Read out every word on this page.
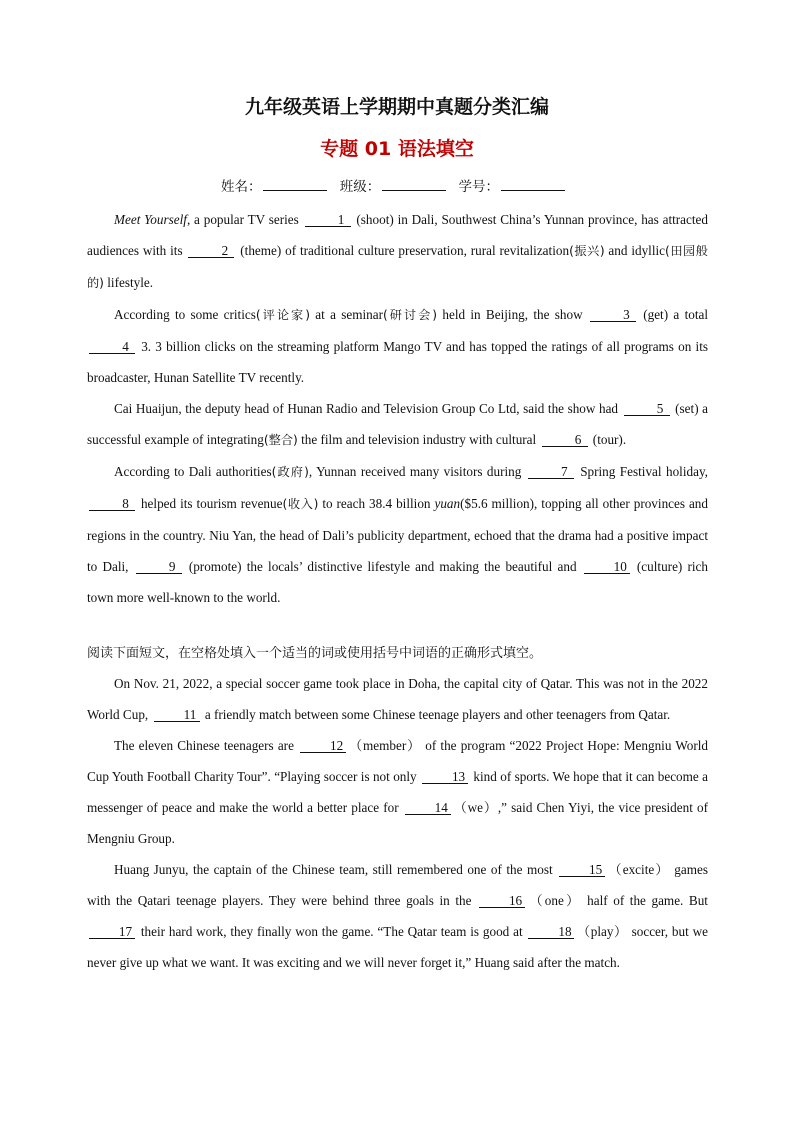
九年级英语上学期期中真题分类汇编
专题 01 语法填空
姓名：	班级：	学号：

Meet Yourself, a popular TV series	1 (shoot) in Dali, Southwest China’s Yunnan province, has attracted audiences with its	2 (theme) of traditional culture preservation, rural revitalization(振兴) and idyllic(田园般的) lifestyle.

According to some critics(评论家) at a seminar(研讨会) held in Beijing, the show	3 (get) a total 4 3. 3 billion clicks on the streaming platform Mango TV and has topped the ratings of all programs on its broadcaster, Hunan Satellite TV recently.

Cai Huaijun, the deputy head of Hunan Radio and Television Group Co Ltd, said the show had	5 (set) a successful example of integrating(整合) the film and television industry with cultural	6 (tour).

According to Dali authorities(政府), Yunnan received many visitors during	7 Spring Festival holiday, 8 helped its tourism revenue(收入) to reach 38.4 billion yuan($5.6 million), topping all other provinces and regions in the country. Niu Yan, the head of Dali’s publicity department, echoed that the drama had a positive impact to Dali,	9 (promote) the locals’ distinctive lifestyle and making the beautiful and 10 (culture) rich town more well-known to the world.

阅读下面短文，在空格处填入一个适当的词或使用括号中词语的正确形式填空。

On Nov. 21, 2022, a special soccer game took place in Doha, the capital city of Qatar. This was not in the 2022 World Cup, 11 a friendly match between some Chinese teenage players and other teenagers from Qatar.

The eleven Chinese teenagers are 12 （member） of the program “2022 Project Hope: Mengniu World Cup Youth Football Charity Tour”. “Playing soccer is not only 13 kind of sports. We hope that it can become a messenger of peace and make the world a better place for 14 （we）,” said Chen Yiyi, the vice president of Mengniu Group.

Huang Junyu, the captain of the Chinese team, still remembered one of the most 15 （excite） games with the Qatari teenage players. They were behind three goals in the 16 （one） half of the game. But 17 their hard work, they finally won the game. “The Qatar team is good at 18 （play） soccer, but we never give up what we want. It was exciting and we will never forget it,” Huang said after the match.
